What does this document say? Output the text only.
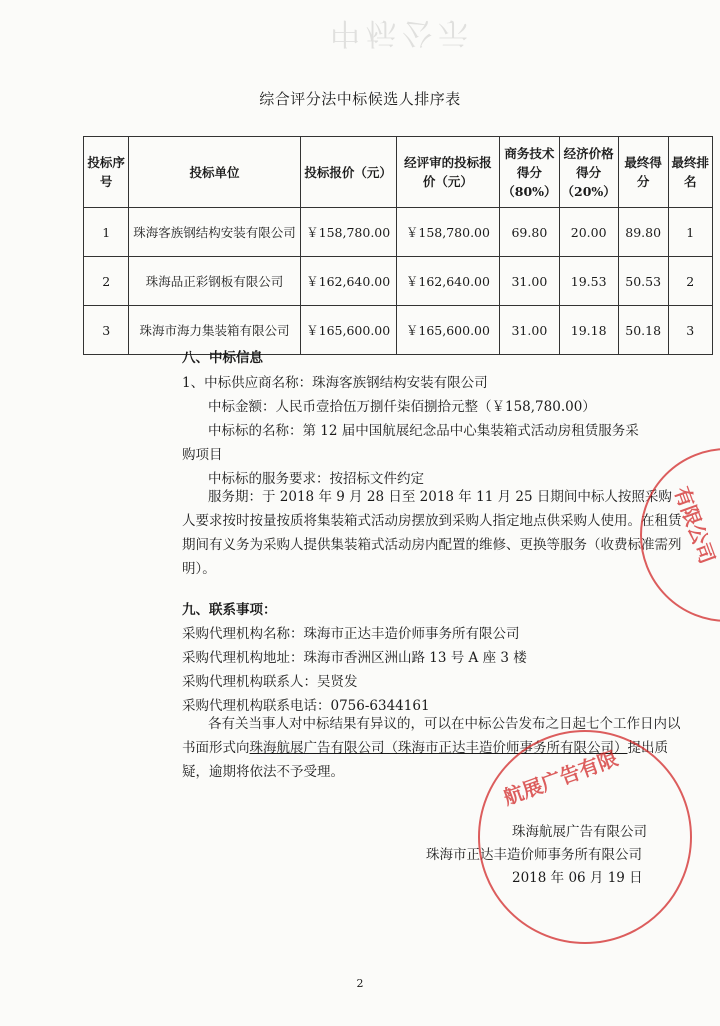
中标公示
综合评分法中标候选人排序表
投标序号	投标单位	投标报价（元）	经评审的投标报价（元）	商务技术得分（80%）	经济价格得分（20%）	最终得分	最终排名
1	珠海客族钢结构安装有限公司	￥158,780.00	￥158,780.00	69.80	20.00	89.80	1
2	珠海品正彩钢板有限公司	￥162,640.00	￥162,640.00	31.00	19.53	50.53	2
3	珠海市海力集装箱有限公司	￥165,600.00	￥165,600.00	31.00	19.18	50.18	3
八、中标信息
1、中标供应商名称：珠海客族钢结构安装有限公司
中标金额：人民币壹拾伍万捌仟柒佰捌拾元整（￥158,780.00）
中标标的名称：第 12 届中国航展纪念品中心集装箱式活动房租赁服务采
购项目
中标标的服务要求：按招标文件约定
服务期：于 2018 年 9 月 28 日至 2018 年 11 月 25 日期间中标人按照采购人要求按时按量按质将集装箱式活动房摆放到采购人指定地点供采购人使用。在租赁期间有义务为采购人提供集装箱式活动房内配置的维修、更换等服务（收费标准需列明）。
九、联系事项：
采购代理机构名称：珠海市正达丰造价师事务所有限公司
采购代理机构地址：珠海市香洲区洲山路 13 号 A 座 3 楼
采购代理机构联系人：吴贤发
采购代理机构联系电话：0756-6344161
各有关当事人对中标结果有异议的，可以在中标公告发布之日起七个工作日内以书面形式向珠海航展广告有限公司（珠海市正达丰造价师事务所有限公司）提出质疑，逾期将依法不予受理。
珠海航展广告有限公司
珠海市正达丰造价师事务所有限公司
2018 年 06 月 19 日
有限公司
航展广告有限
2
